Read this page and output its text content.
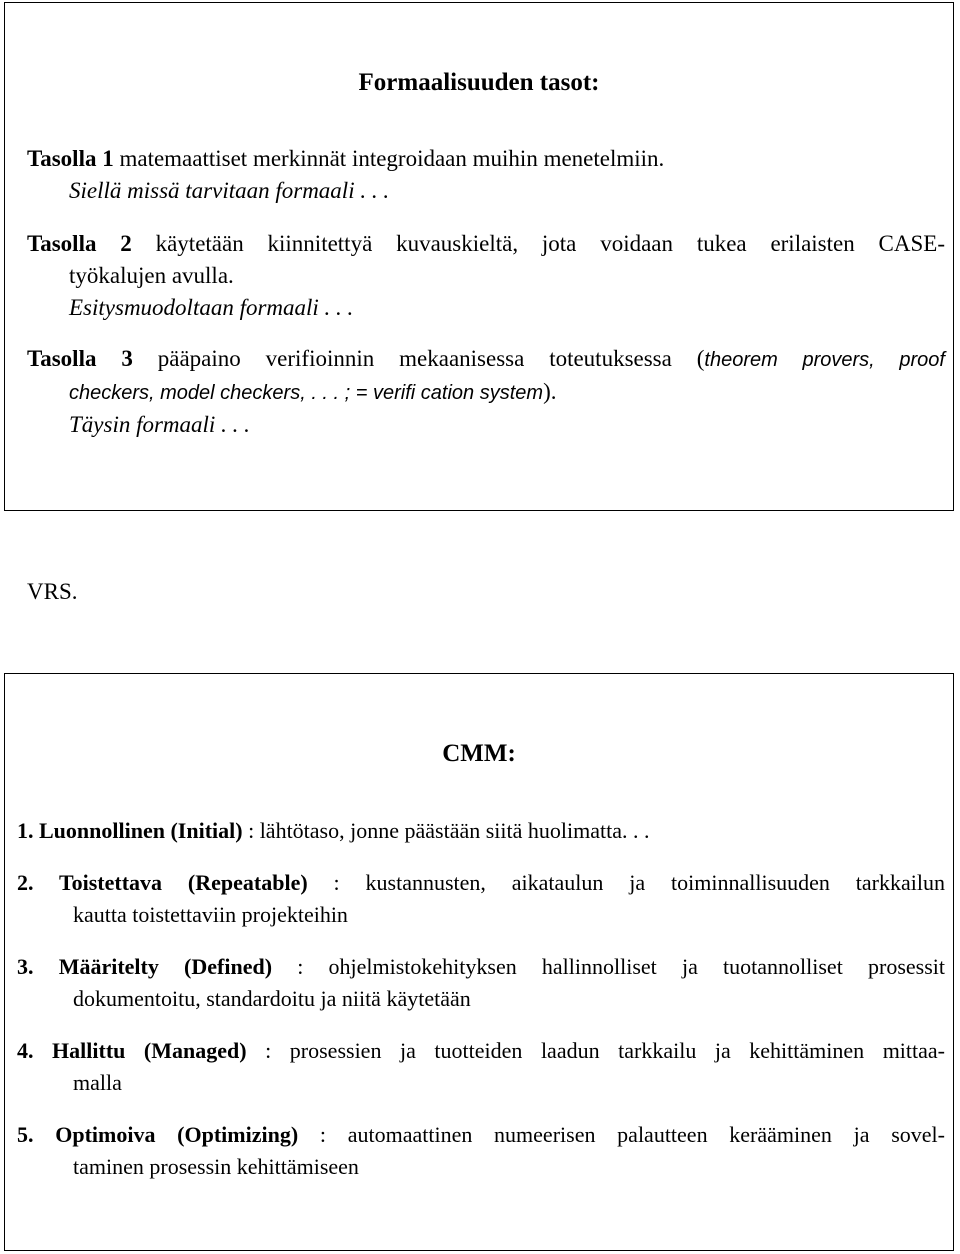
Formaalisuuden tasot:
Tasolla 1 matemaattiset merkinnät integroidaan muihin menetelmiin.
Siellä missä tarvitaan formaali . . .
Tasolla 2 käytetään kiinnitettyä kuvauskieltä, jota voidaan tukea erilaisten CASE-
työkalujen avulla.
Esitysmuodoltaan formaali . . .
Tasolla 3 pääpaino verifioinnin mekaanisessa toteutuksessa (theorem provers, proof
checkers, model checkers, . . . ; = verifi cation system).
Täysin formaali . . .
VRS.
CMM:
1. Luonnollinen (Initial) : lähtötaso, jonne päästään siitä huolimatta. . .
2. Toistettava (Repeatable) : kustannusten, aikataulun ja toiminnallisuuden tarkkailun
kautta toistettaviin projekteihin
3. Määritelty (Defined) : ohjelmistokehityksen hallinnolliset ja tuotannolliset prosessit
dokumentoitu, standardoitu ja niitä käytetään
4. Hallittu (Managed) : prosessien ja tuotteiden laadun tarkkailu ja kehittäminen mittaa-
malla
5. Optimoiva (Optimizing) : automaattinen numeerisen palautteen kerääminen ja sovel-
taminen prosessin kehittämiseen
